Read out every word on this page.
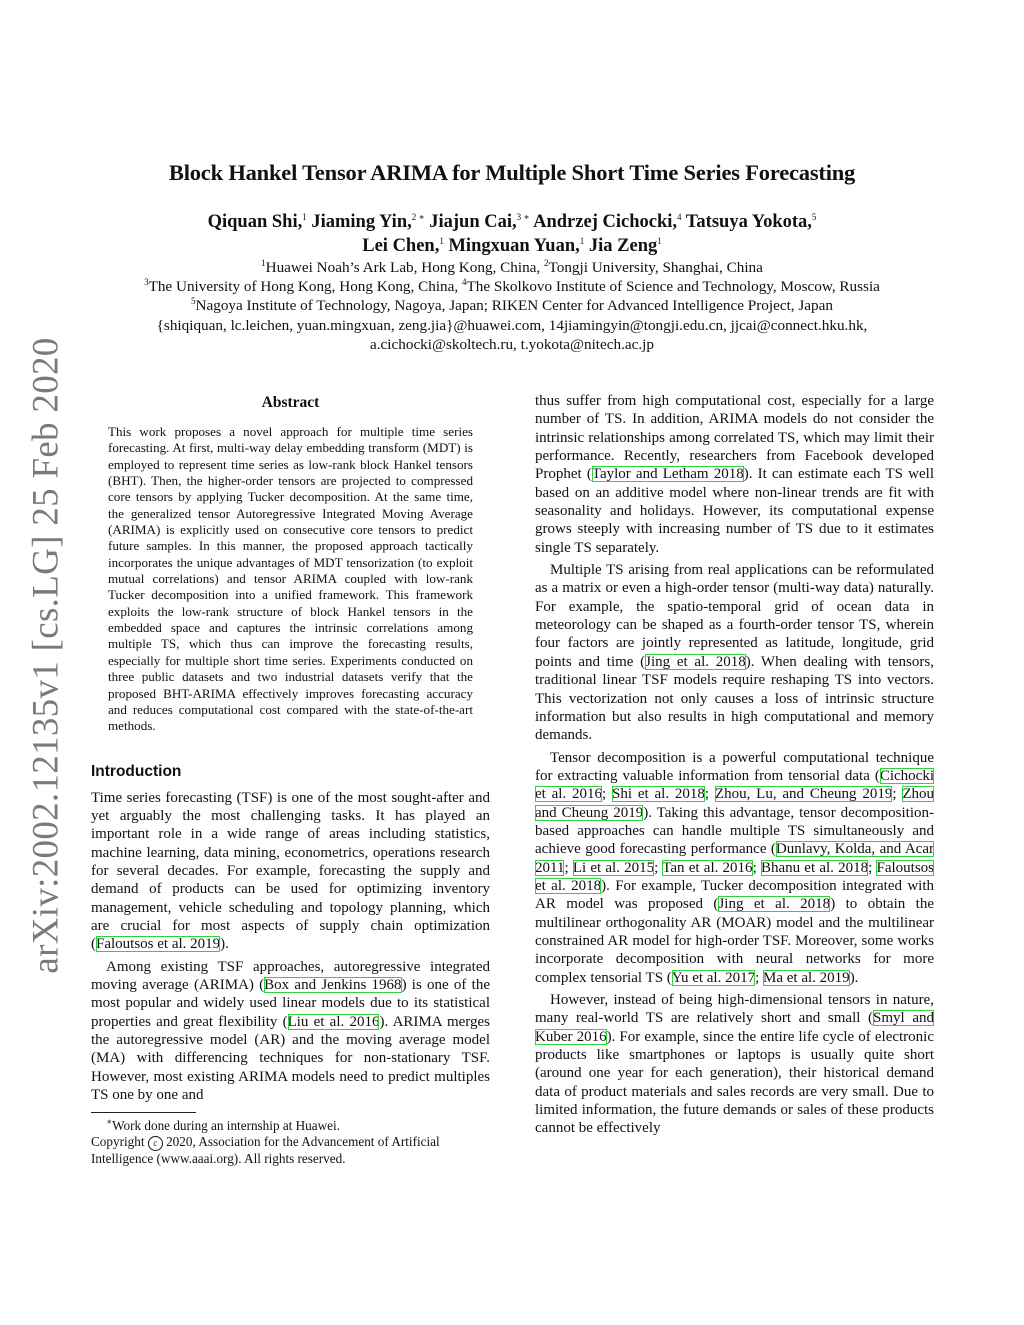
arXiv:2002.12135v1 [cs.LG] 25 Feb 2020
Block Hankel Tensor ARIMA for Multiple Short Time Series Forecasting
Qiquan Shi,$^1$ Jiaming Yin,$^{2 ∗}$ Jiajun Cai,$^{3 ∗}$ Andrzej Cichocki,$^4$ Tatsuya Yokota,$^5$
Lei Chen,$^1$ Mingxuan Yuan,$^1$ Jia Zeng$^1$
$^1$Huawei Noah’s Ark Lab, Hong Kong, China, $^2$Tongji University, Shanghai, China
$^3$The University of Hong Kong, Hong Kong, China, $^4$The Skolkovo Institute of Science and Technology, Moscow, Russia
$^5$Nagoya Institute of Technology, Nagoya, Japan; RIKEN Center for Advanced Intelligence Project, Japan
{shiqiquan, lc.leichen, yuan.mingxuan, zeng.jia}@huawei.com, 14jiamingyin@tongji.edu.cn, jjcai@connect.hku.hk,
a.cichocki@skoltech.ru, t.yokota@nitech.ac.jp
Abstract

This work proposes a novel approach for multiple time series forecasting. At first, multi-way delay embedding transform (MDT) is employed to represent time series as low-rank block Hankel tensors (BHT). Then, the higher-order tensors are projected to compressed core tensors by applying Tucker decomposition. At the same time, the generalized tensor Autoregressive Integrated Moving Average (ARIMA) is explicitly used on consecutive core tensors to predict future samples. In this manner, the proposed approach tactically incorporates the unique advantages of MDT tensorization (to exploit mutual correlations) and tensor ARIMA coupled with low-rank Tucker decomposition into a unified framework. This framework exploits the low-rank structure of block Hankel tensors in the embedded space and captures the intrinsic correlations among multiple TS, which thus can improve the forecasting results, especially for multiple short time series. Experiments conducted on three public datasets and two industrial datasets verify that the proposed BHT-ARIMA effectively improves forecasting accuracy and reduces computational cost compared with the state-of-the-art methods.

Introduction

Time series forecasting (TSF) is one of the most sought-after and yet arguably the most challenging tasks. It has played an important role in a wide range of areas including statistics, machine learning, data mining, econometrics, operations research for several decades. For example, forecasting the supply and demand of products can be used for optimizing inventory management, vehicle scheduling and topology planning, which are crucial for most aspects of supply chain optimization (Faloutsos et al. 2019).

Among existing TSF approaches, autoregressive integrated moving average (ARIMA) (Box and Jenkins 1968) is one of the most popular and widely used linear models due to its statistical properties and great flexibility (Liu et al. 2016). ARIMA merges the autoregressive model (AR) and the moving average model (MA) with differencing techniques for non-stationary TSF. However, most existing ARIMA models need to predict multiples TS one by one and

∗Work done during an internship at Huawei.

Copyright c 2020, Association for the Advancement of Artificial Intelligence (www.aaai.org). All rights reserved.

thus suffer from high computational cost, especially for a large number of TS. In addition, ARIMA models do not consider the intrinsic relationships among correlated TS, which may limit their performance. Recently, researchers from Facebook developed Prophet (Taylor and Letham 2018). It can estimate each TS well based on an additive model where non-linear trends are fit with seasonality and holidays. However, its computational expense grows steeply with increasing number of TS due to it estimates single TS separately.

Multiple TS arising from real applications can be reformulated as a matrix or even a high-order tensor (multi-way data) naturally. For example, the spatio-temporal grid of ocean data in meteorology can be shaped as a fourth-order tensor TS, wherein four factors are jointly represented as latitude, longitude, grid points and time (Jing et al. 2018). When dealing with tensors, traditional linear TSF models require reshaping TS into vectors. This vectorization not only causes a loss of intrinsic structure information but also results in high computational and memory demands.

Tensor decomposition is a powerful computational technique for extracting valuable information from tensorial data (Cichocki et al. 2016; Shi et al. 2018; Zhou, Lu, and Cheung 2019; Zhou and Cheung 2019). Taking this advantage, tensor decomposition-based approaches can handle multiple TS simultaneously and achieve good forecasting performance (Dunlavy, Kolda, and Acar 2011; Li et al. 2015; Tan et al. 2016; Bhanu et al. 2018; Faloutsos et al. 2018). For example, Tucker decomposition integrated with AR model was proposed (Jing et al. 2018) to obtain the multilinear orthogonality AR (MOAR) model and the multilinear constrained AR model for high-order TSF. Moreover, some works incorporate decomposition with neural networks for more complex tensorial TS (Yu et al. 2017; Ma et al. 2019).

However, instead of being high-dimensional tensors in nature, many real-world TS are relatively short and small (Smyl and Kuber 2016). For example, since the entire life cycle of electronic products like smartphones or laptops is usually quite short (around one year for each generation), their historical demand data of product materials and sales records are very small. Due to limited information, the future demands or sales of these products cannot be effectively
